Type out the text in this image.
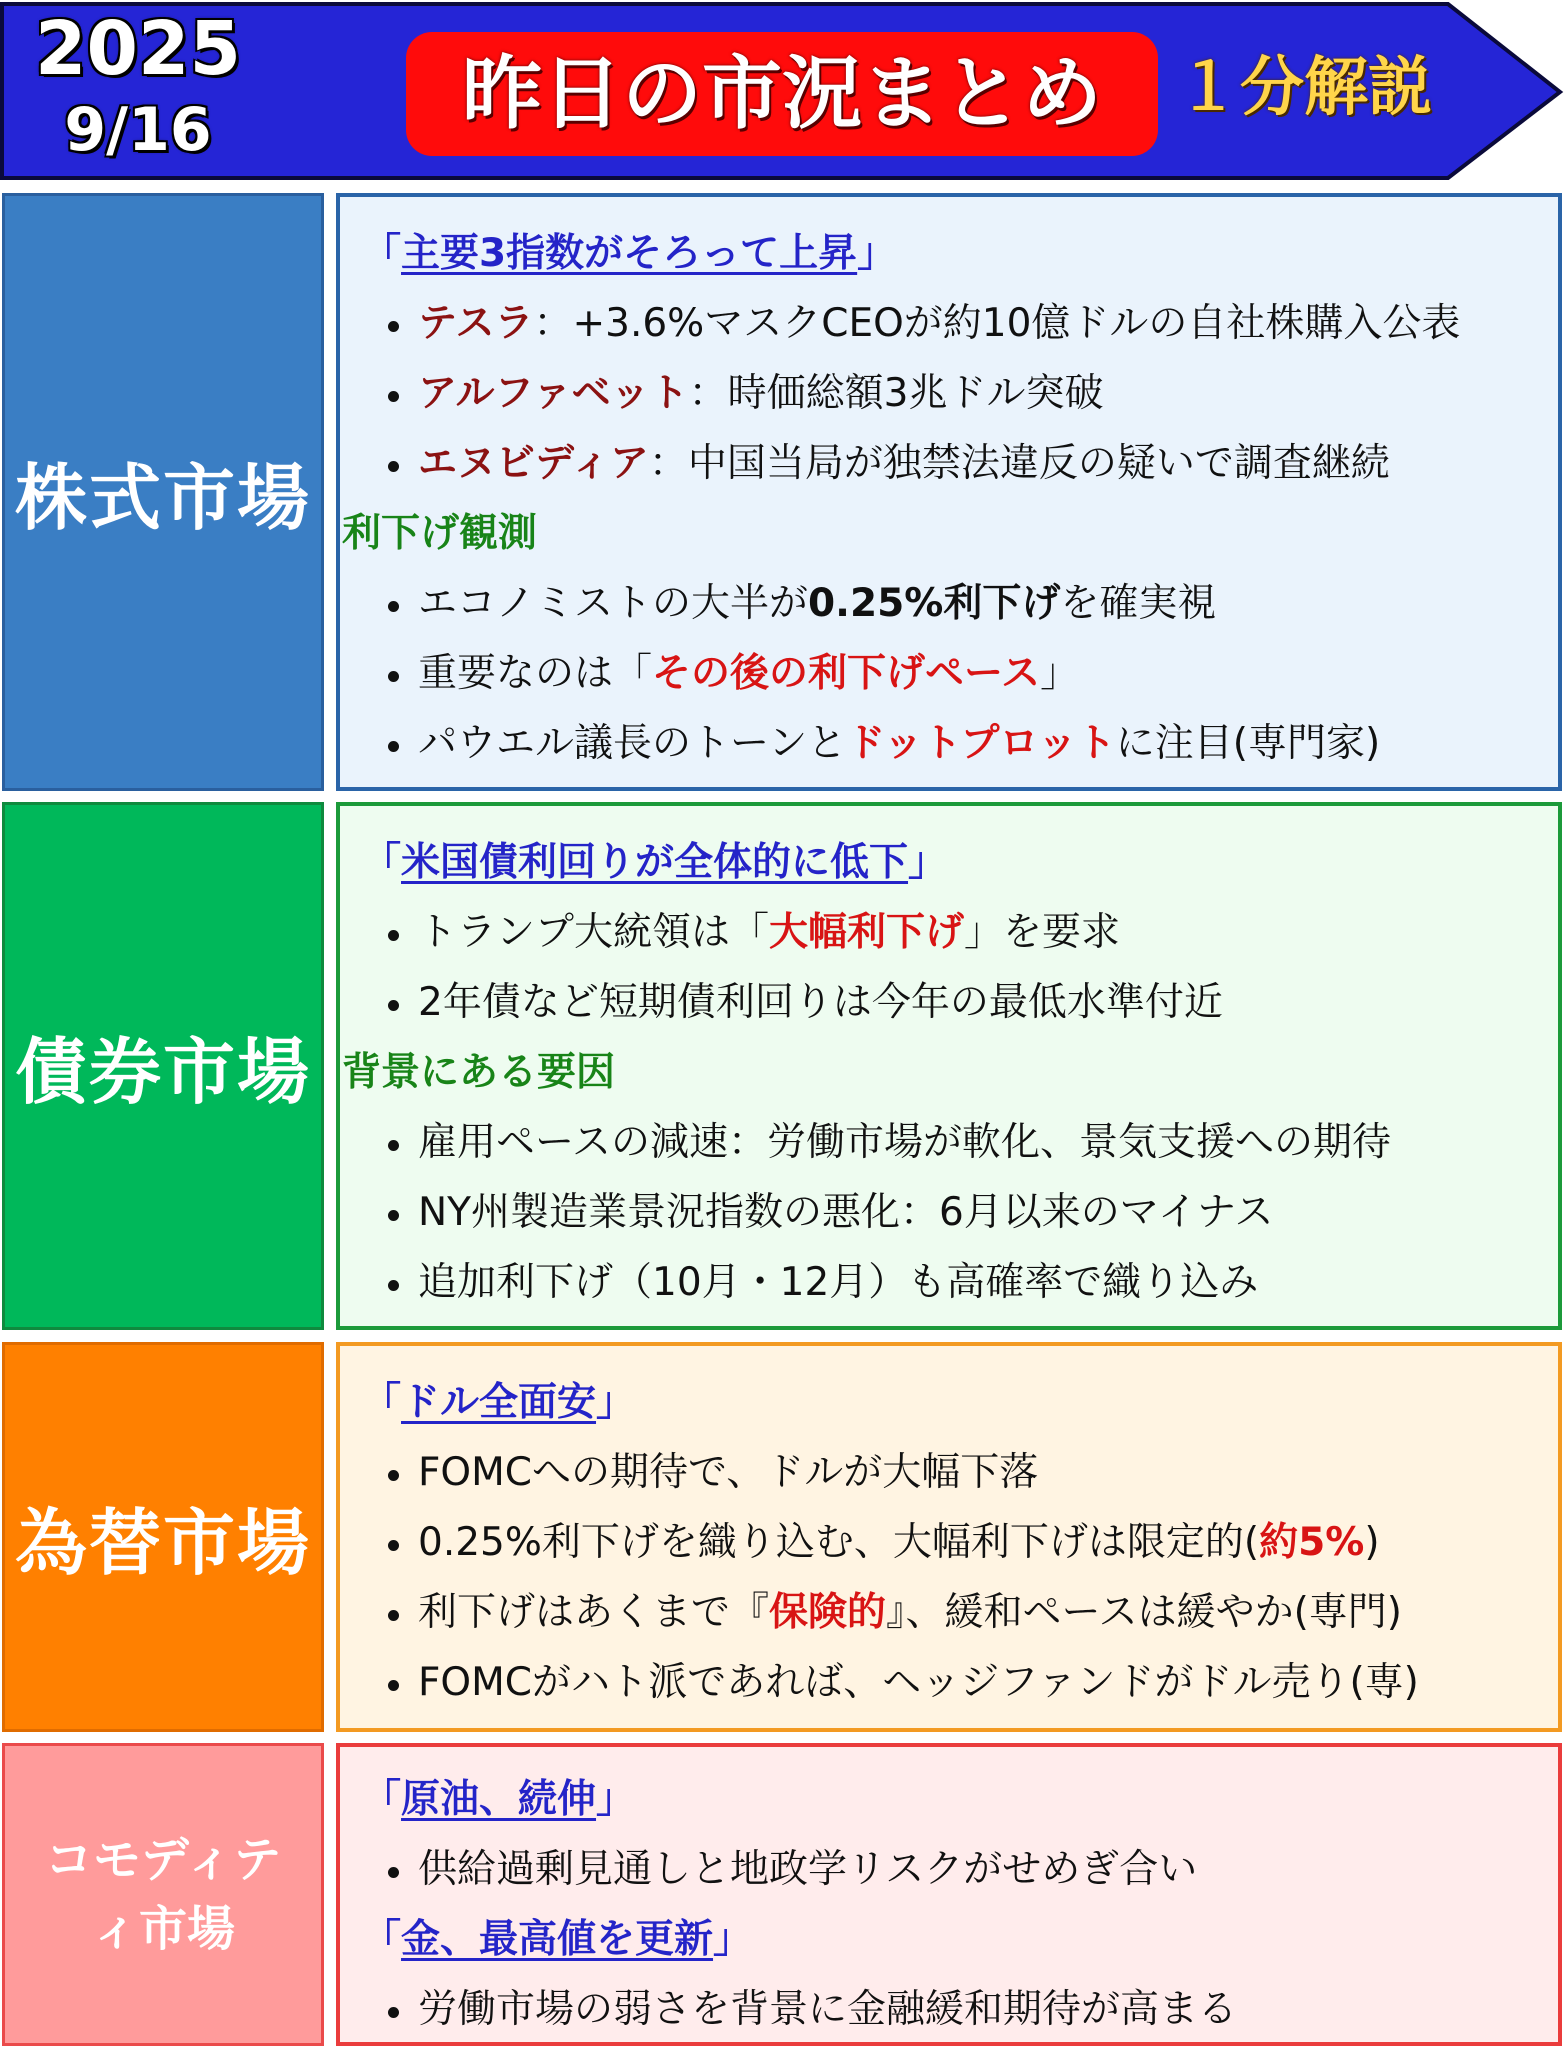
2025
9/16	昨日の市況まとめ １分解説
株式市場
「主要3指数がそろって上昇」
テスラ：+3.6%マスクCEOが約10億ドルの自社株購入公表
アルファベット：時価総額3兆ドル突破
エヌビディア：中国当局が独禁法違反の疑いで調査継続
利下げ観測
エコノミストの大半が0.25%利下げを確実視
重要なのは「その後の利下げペース」
パウエル議長のトーンとドットプロットに注目(専門家)
債券市場
「米国債利回りが全体的に低下」
トランプ大統領は「大幅利下げ」を要求
2年債など短期債利回りは今年の最低水準付近
背景にある要因
雇用ペースの減速：労働市場が軟化、景気支援への期待
NY州製造業景況指数の悪化：6月以来のマイナス
追加利下げ（10月・12月）も高確率で織り込み
為替市場
「ドル全面安」
FOMCへの期待で、ドルが大幅下落
0.25%利下げを織り込む、大幅利下げは限定的(約5%)
利下げはあくまで『保険的』、緩和ペースは緩やか(専門)
FOMCがハト派であれば、ヘッジファンドがドル売り(専)
コモディティ市場
「原油、続伸」
供給過剰見通しと地政学リスクがせめぎ合い
「金、最高値を更新」
労働市場の弱さを背景に金融緩和期待が高まる
